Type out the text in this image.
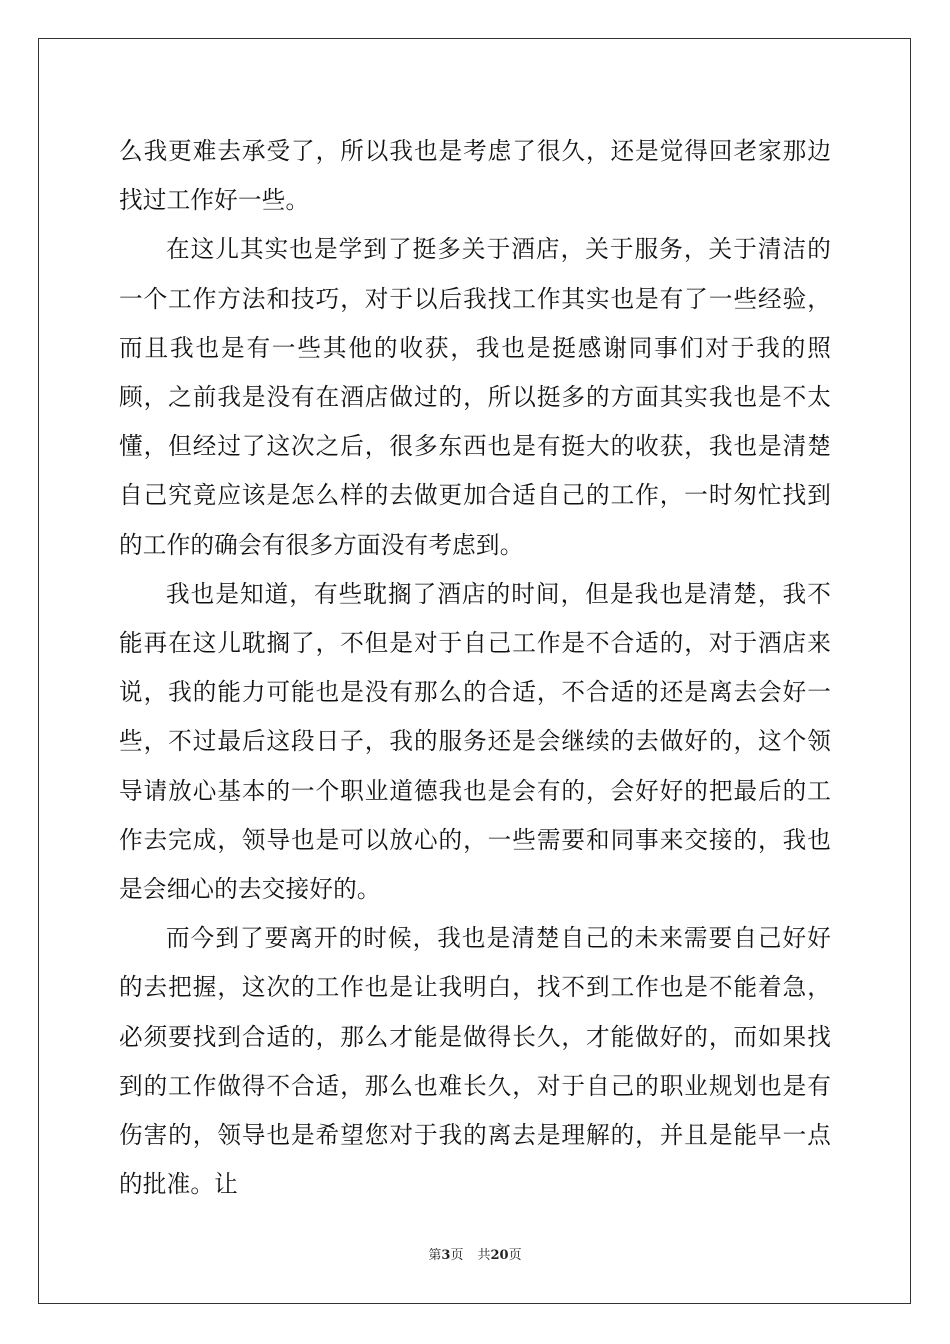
么我更难去承受了，所以我也是考虑了很久，还是觉得回老家那边找过工作好一些。

在这儿其实也是学到了挺多关于酒店，关于服务，关于清洁的一个工作方法和技巧，对于以后我找工作其实也是有了一些经验，而且我也是有一些其他的收获，我也是挺感谢同事们对于我的照顾，之前我是没有在酒店做过的，所以挺多的方面其实我也是不太懂，但经过了这次之后，很多东西也是有挺大的收获，我也是清楚自己究竟应该是怎么样的去做更加合适自己的工作，一时匆忙找到的工作的确会有很多方面没有考虑到。

我也是知道，有些耽搁了酒店的时间，但是我也是清楚，我不能再在这儿耽搁了，不但是对于自己工作是不合适的，对于酒店来说，我的能力可能也是没有那么的合适，不合适的还是离去会好一些，不过最后这段日子，我的服务还是会继续的去做好的，这个领导请放心基本的一个职业道德我也是会有的，会好好的把最后的工作去完成，领导也是可以放心的，一些需要和同事来交接的，我也是会细心的去交接好的。

而今到了要离开的时候，我也是清楚自己的未来需要自己好好的去把握，这次的工作也是让我明白，找不到工作也是不能着急，必须要找到合适的，那么才能是做得长久，才能做好的，而如果找到的工作做得不合适，那么也难长久，对于自己的职业规划也是有伤害的，领导也是希望您对于我的离去是理解的，并且是能早一点的批准。让

第3页 共20页
